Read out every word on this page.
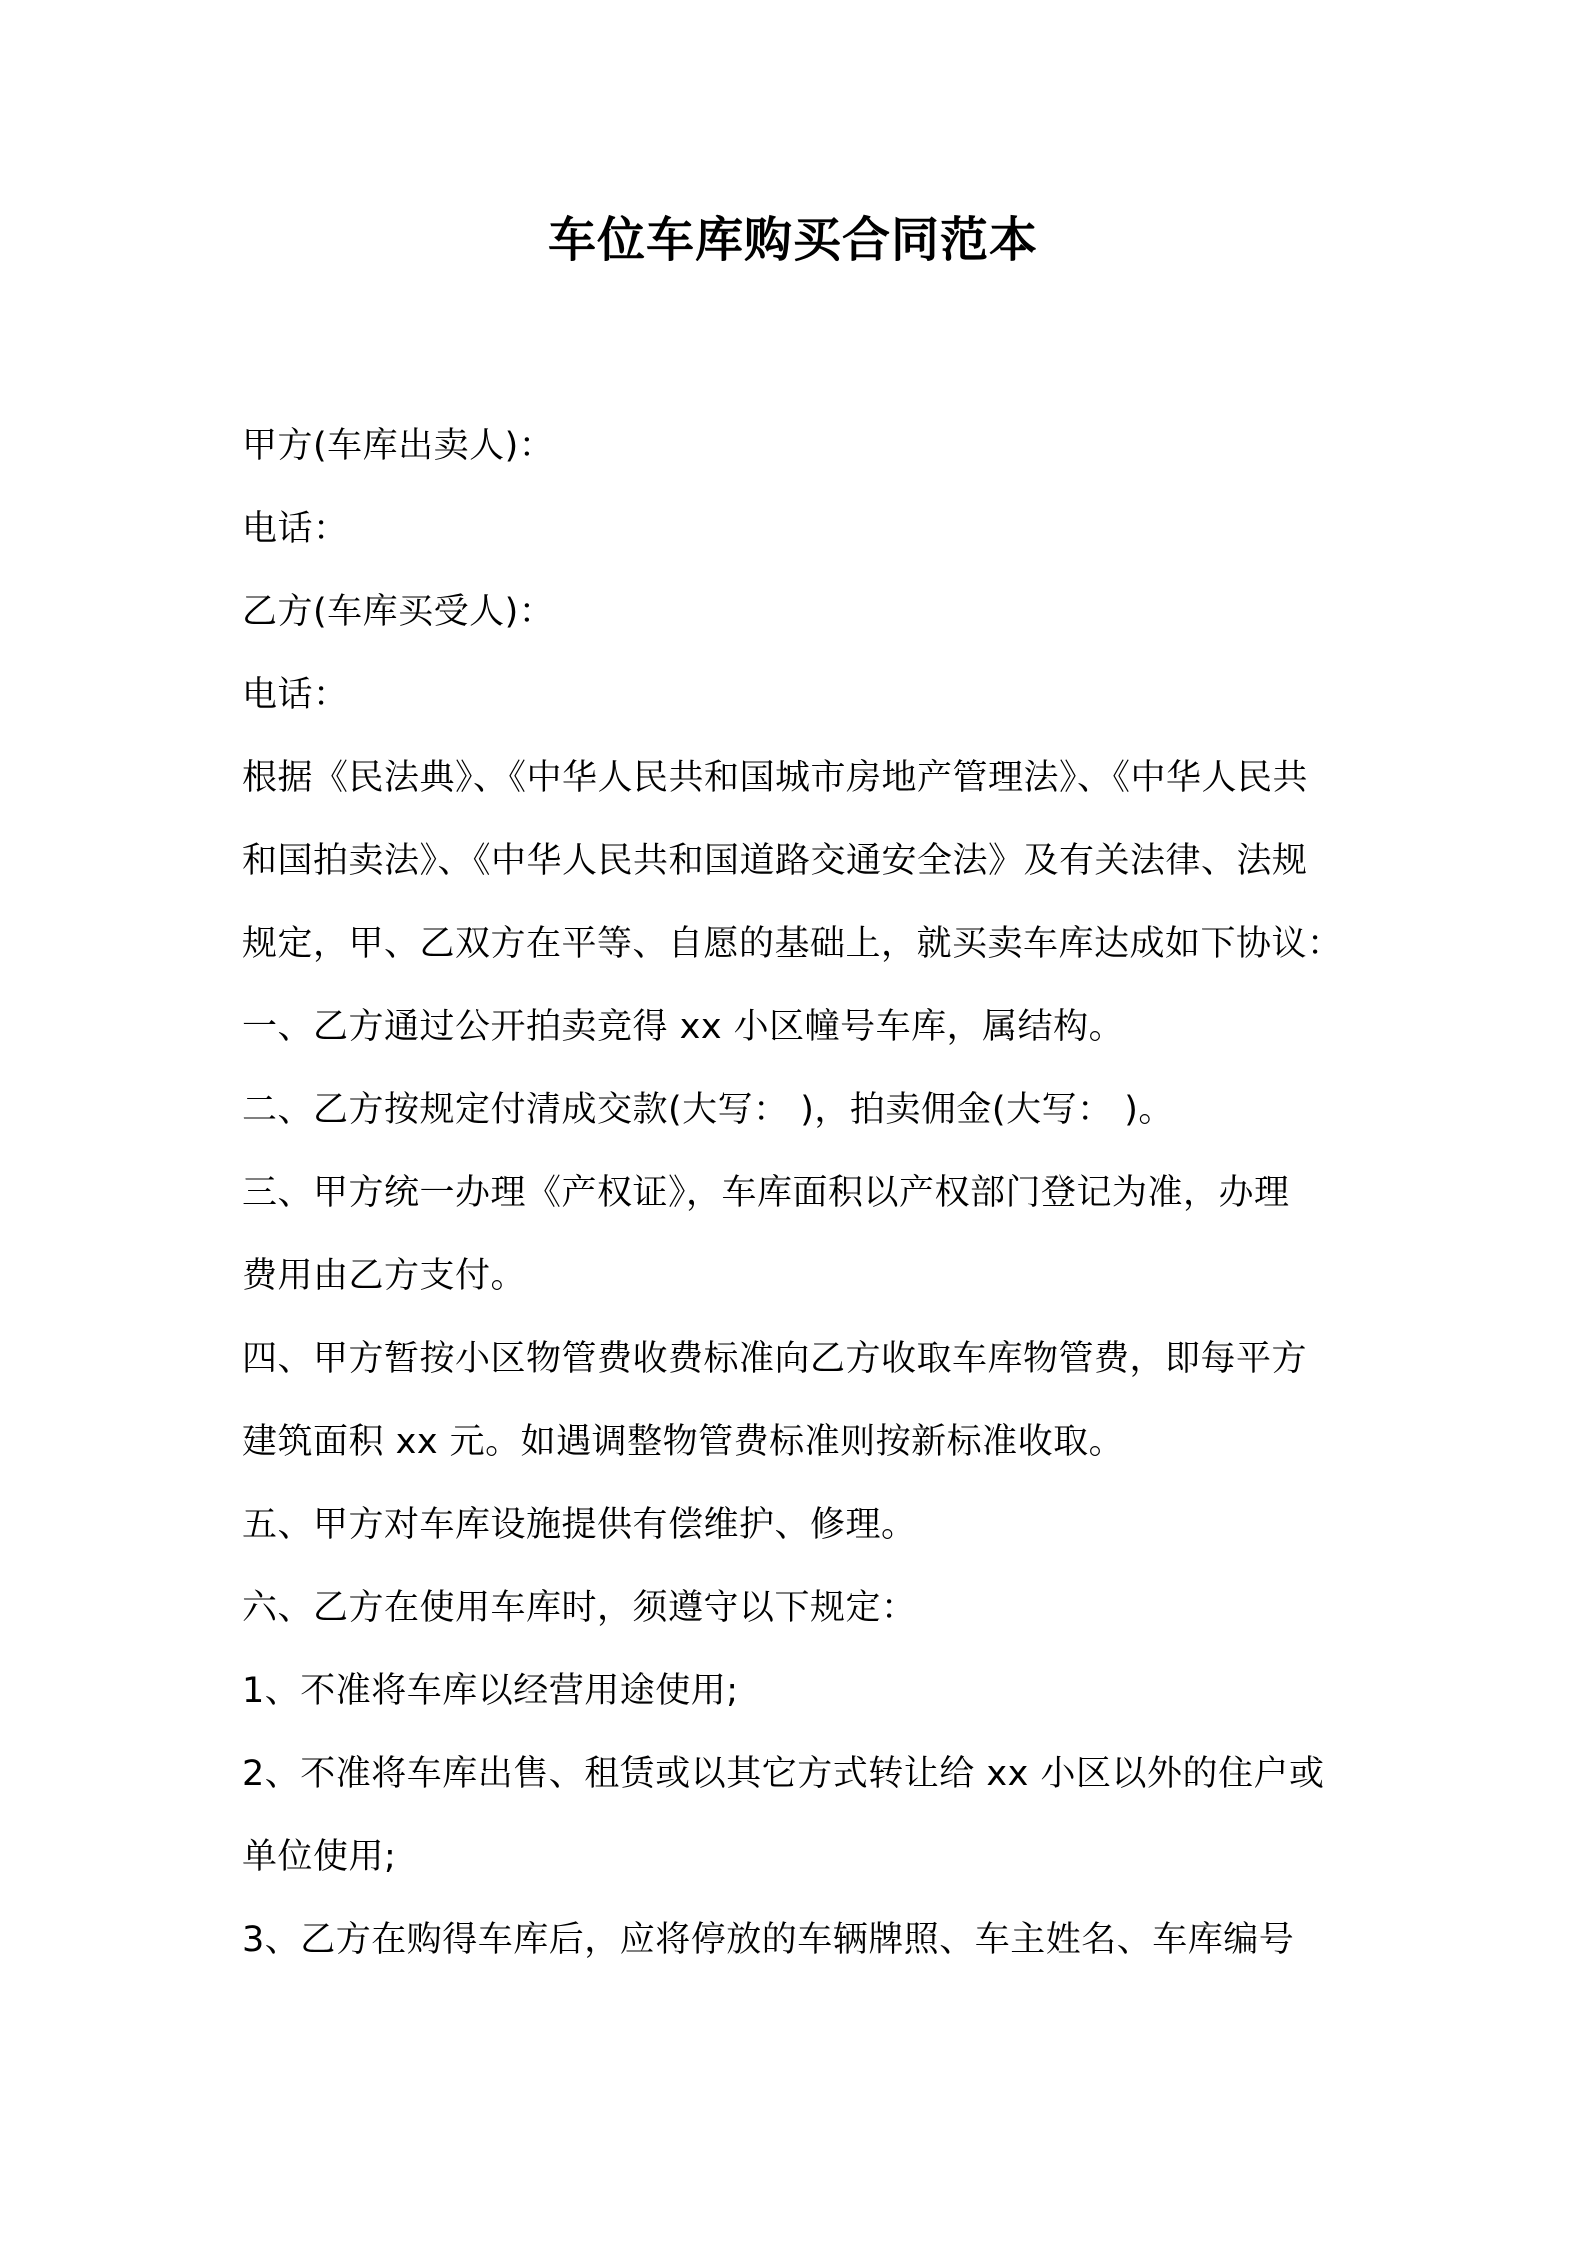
车位车库购买合同范本
甲方(车库出卖人)：
电话：
乙方(车库买受人)：
电话：
根据《民法典》、《中华人民共和国城市房地产管理法》、《中华人民共
和国拍卖法》、《中华人民共和国道路交通安全法》及有关法律、法规
规定，甲、乙双方在平等、自愿的基础上，就买卖车库达成如下协议：
一、乙方通过公开拍卖竞得 xx 小区幢号车库，属结构。
二、乙方按规定付清成交款(大写： )，拍卖佣金(大写： )。
三、甲方统一办理《产权证》，车库面积以产权部门登记为准，办理
费用由乙方支付。
四、甲方暂按小区物管费收费标准向乙方收取车库物管费，即每平方
建筑面积 xx 元。如遇调整物管费标准则按新标准收取。
五、甲方对车库设施提供有偿维护、修理。
六、乙方在使用车库时，须遵守以下规定：
1、不准将车库以经营用途使用;
2、不准将车库出售、租赁或以其它方式转让给 xx 小区以外的住户或
单位使用;
3、乙方在购得车库后，应将停放的车辆牌照、车主姓名、车库编号
